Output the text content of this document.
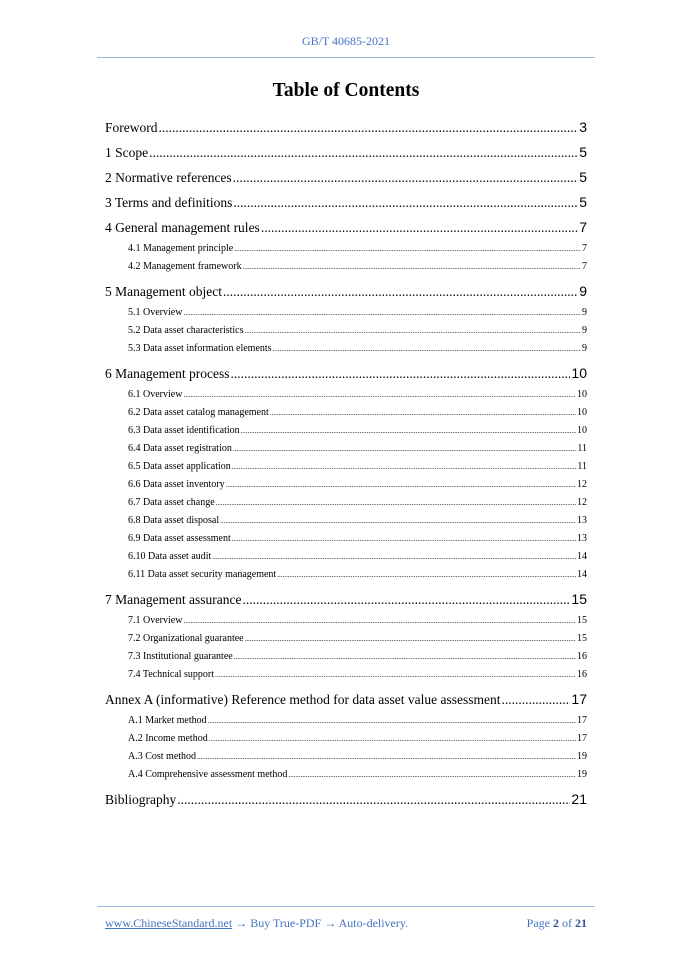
GB/T 40685-2021
Table of Contents
Foreword .....	3
1 Scope .....	5
2 Normative references .....	5
3 Terms and definitions .....	5
4 General management rules .....	7
4.1 Management principle .....	7
4.2 Management framework .....	7
5 Management object .....	9
5.1 Overview .....	9
5.2 Data asset characteristics .....	9
5.3 Data asset information elements .....	9
6 Management process .....	10
6.1 Overview .....	10
6.2 Data asset catalog management .....	10
6.3 Data asset identification .....	10
6.4 Data asset registration .....	11
6.5 Data asset application .....	11
6.6 Data asset inventory .....	12
6.7 Data asset change .....	12
6.8 Data asset disposal .....	13
6.9 Data asset assessment .....	13
6.10 Data asset audit .....	14
6.11 Data asset security management .....	14
7 Management assurance .....	15
7.1 Overview .....	15
7.2 Organizational guarantee .....	15
7.3 Institutional guarantee .....	16
7.4 Technical support .....	16
Annex A (informative) Reference method for data asset value assessment .....	17
A.1 Market method .....	17
A.2 Income method .....	17
A.3 Cost method .....	19
A.4 Comprehensive assessment method .....	19
Bibliography .....	21
www.ChineseStandard.net → Buy True-PDF → Auto-delivery.	Page 2 of 21
